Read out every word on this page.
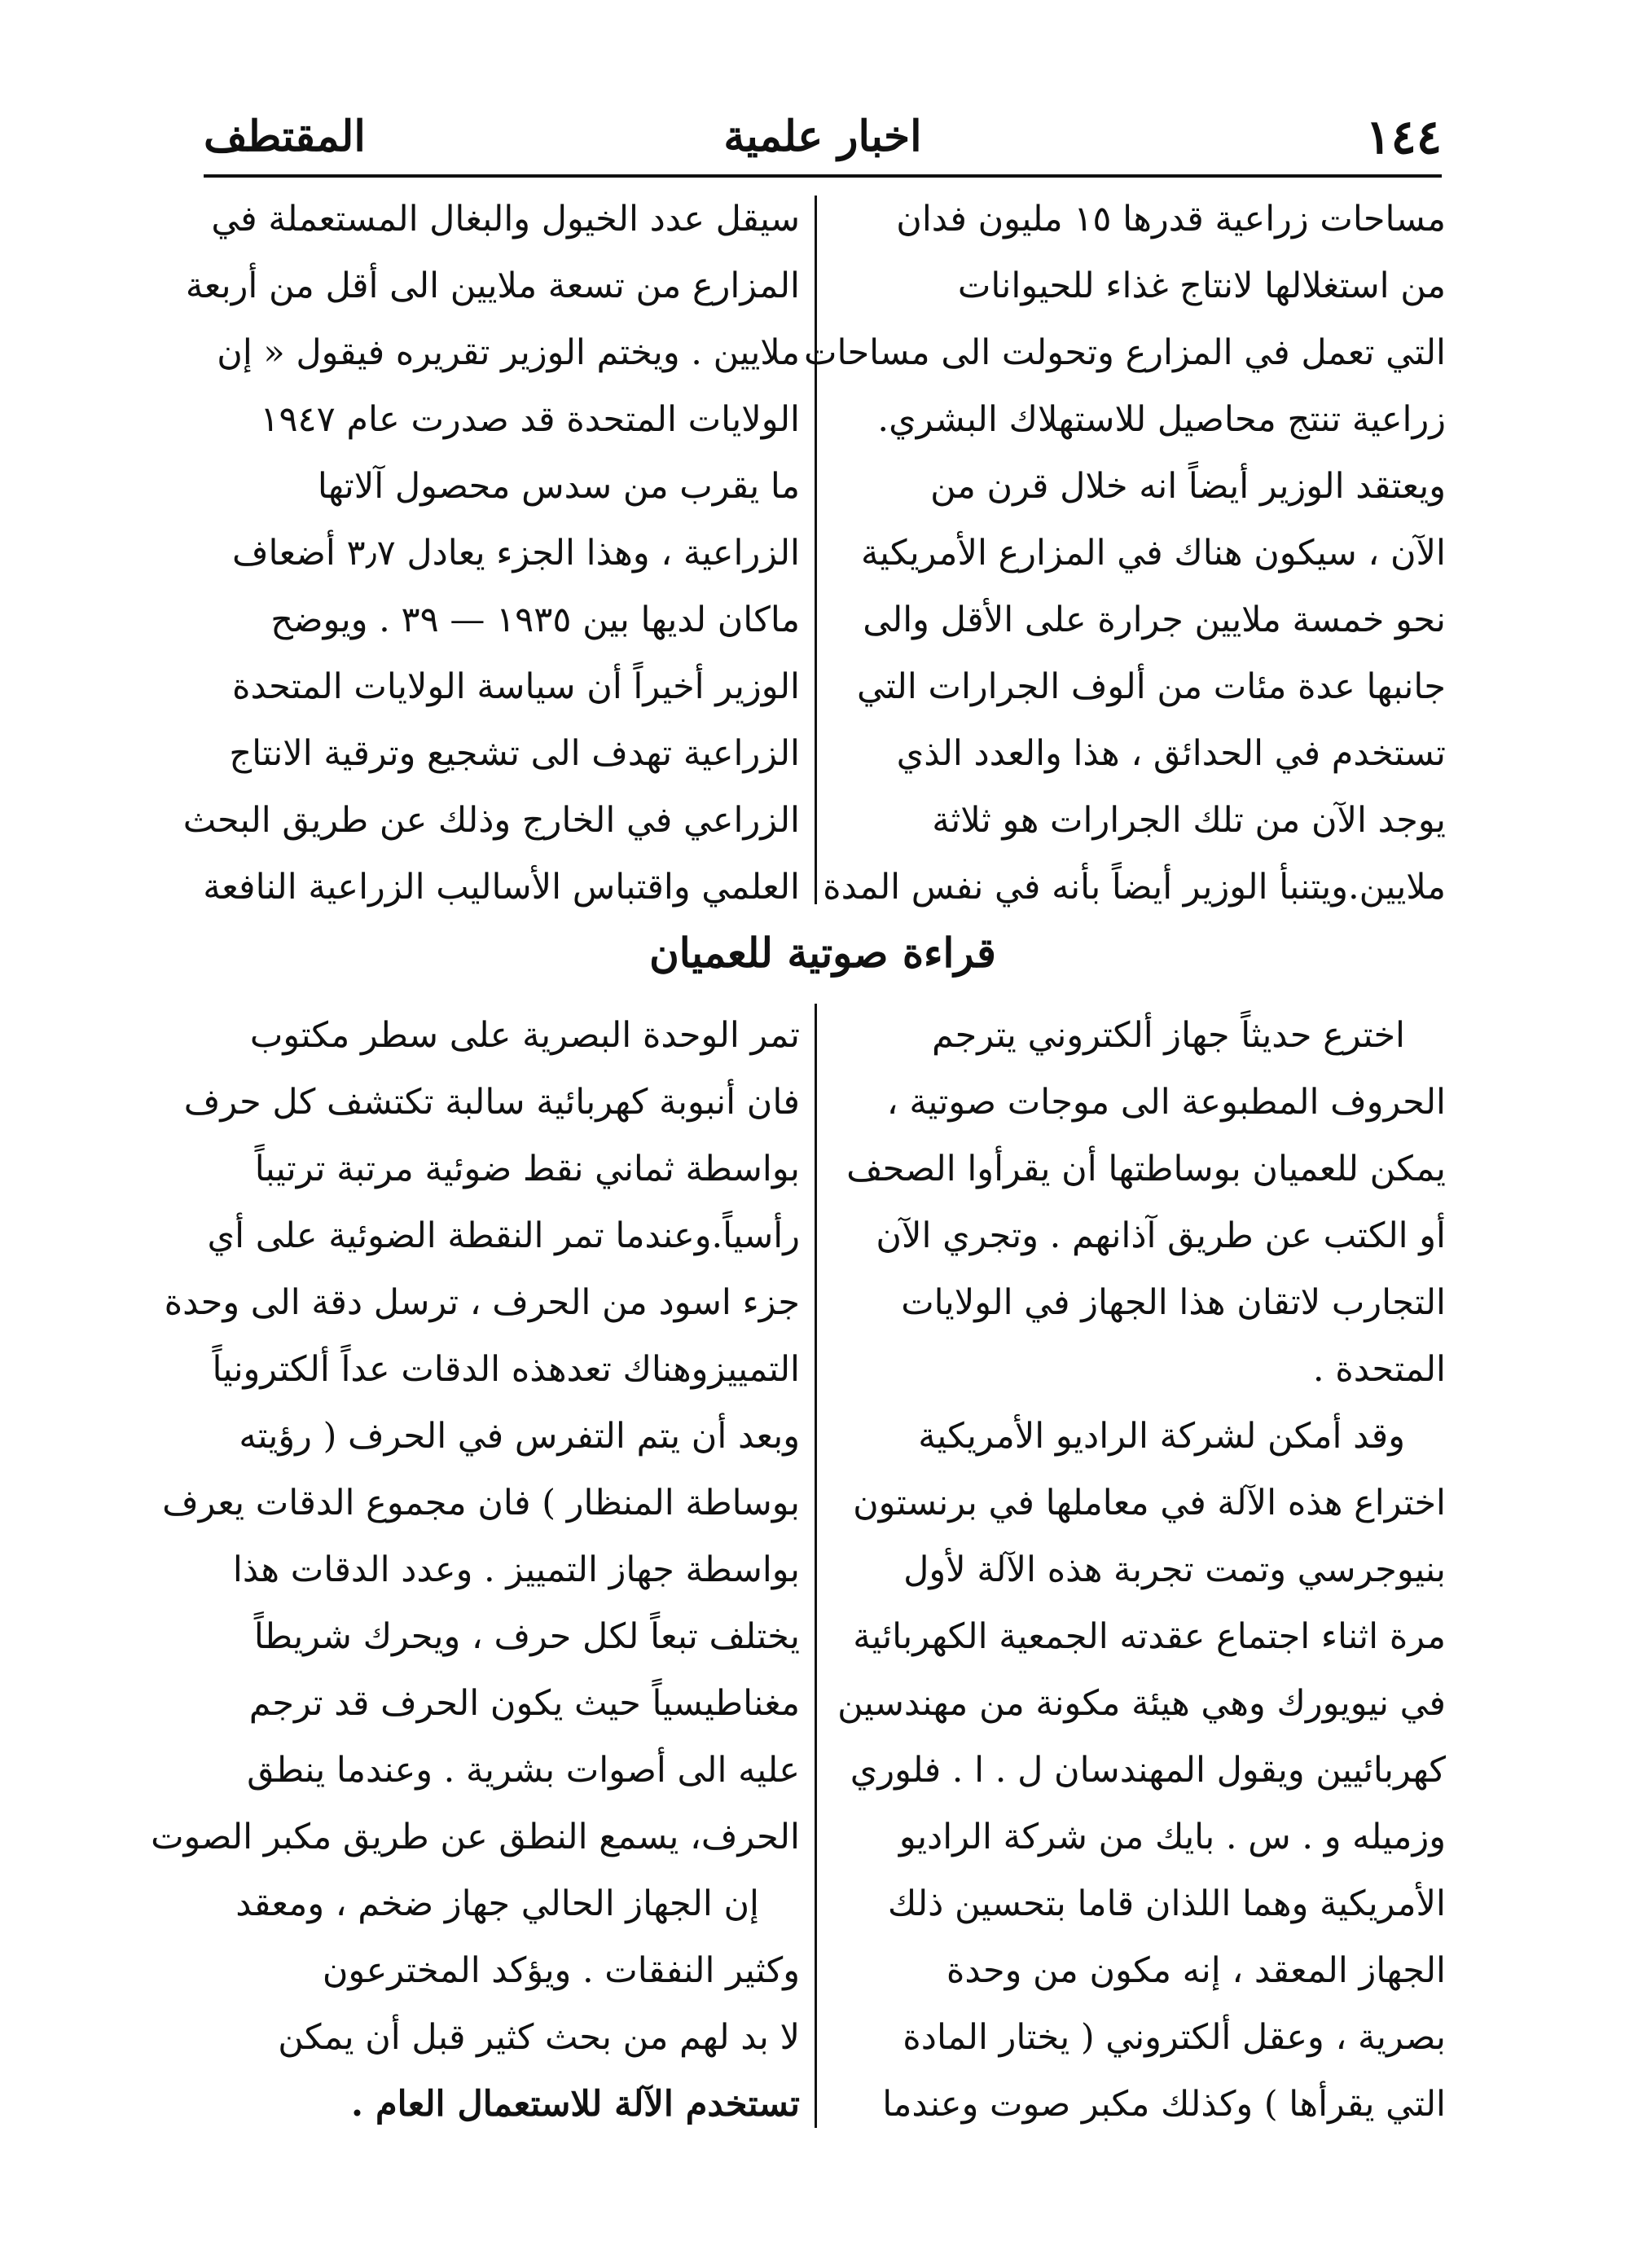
١٤٤
اخبار علمية
المقتطف

مساحات زراعية قدرها ١٥ مليون فدان

من استغلالها لانتاج غذاء للحيوانات

التي تعمل في المزارع وتحولت الى مساحات

زراعية تنتج محاصيل للاستهلاك البشري.

ويعتقد الوزير أيضاً انه خلال قرن من

الآن ، سيكون هناك في المزارع الأمريكية

نحو خمسة ملايين جرارة على الأقل والى

جانبها عدة مئات من ألوف الجرارات التي

تستخدم في الحدائق ، هذا والعدد الذي

يوجد الآن من تلك الجرارات هو ثلاثة

ملايين.ويتنبأ الوزير أيضاً بأنه في نفس المدة

سيقل عدد الخيول والبغال المستعملة في

المزارع من تسعة ملايين الى أقل من أربعة

ملايين . ويختم الوزير تقريره فيقول « إن

الولايات المتحدة قد صدرت عام ١٩٤٧

ما يقرب من سدس محصول آلاتها

الزراعية ، وهذا الجزء يعادل ٣٫٧ أضعاف

ماكان لديها بين ١٩٣٥ — ٣٩ . ويوضح

الوزير أخيراً أن سياسة الولايات المتحدة

الزراعية تهدف الى تشجيع وترقية الانتاج

الزراعي في الخارج وذلك عن طريق البحث

العلمي واقتباس الأساليب الزراعية النافعة

قراءة صوتية للعميان

اخترع حديثاً جهاز ألكتروني يترجم

الحروف المطبوعة الى موجات صوتية ،

يمكن للعميان بوساطتها أن يقرأوا الصحف

أو الكتب عن طريق آذانهم . وتجري الآن

التجارب لاتقان هذا الجهاز في الولايات

المتحدة .

وقد أمكن لشركة الراديو الأمريكية

اختراع هذه الآلة في معاملها في برنستون

بنيوجرسي وتمت تجربة هذه الآلة لأول

مرة اثناء اجتماع عقدته الجمعية الكهربائية

في نيويورك وهي هيئة مكونة من مهندسين

كهربائيين ويقول المهندسان ل . ا . فلوري

وزميله و . س . بايك من شركة الراديو

الأمريكية وهما اللذان قاما بتحسين ذلك

الجهاز المعقد ، إنه مكون من وحدة

بصرية ، وعقل ألكتروني ( يختار المادة

التي يقرأها ) وكذلك مكبر صوت وعندما

تمر الوحدة البصرية على سطر مكتوب

فان أنبوبة كهربائية سالبة تكتشف كل حرف

بواسطة ثماني نقط ضوئية مرتبة ترتيباً

رأسياً.وعندما تمر النقطة الضوئية على أي

جزء اسود من الحرف ، ترسل دقة الى وحدة

التمييزوهناك تعدهذه الدقات عداً ألكترونياً

وبعد أن يتم التفرس في الحرف ( رؤيته

بوساطة المنظار ) فان مجموع الدقات يعرف

بواسطة جهاز التمييز . وعدد الدقات هذا

يختلف تبعاً لكل حرف ، ويحرك شريطاً

مغناطيسياً حيث يكون الحرف قد ترجم

عليه الى أصوات بشرية . وعندما ينطق

الحرف، يسمع النطق عن طريق مكبر الصوت

إن الجهاز الحالي جهاز ضخم ، ومعقد

وكثير النفقات . ويؤكد المخترعون

لا بد لهم من بحث كثير قبل أن يمكن

تستخدم الآلة للاستعمال العام .
